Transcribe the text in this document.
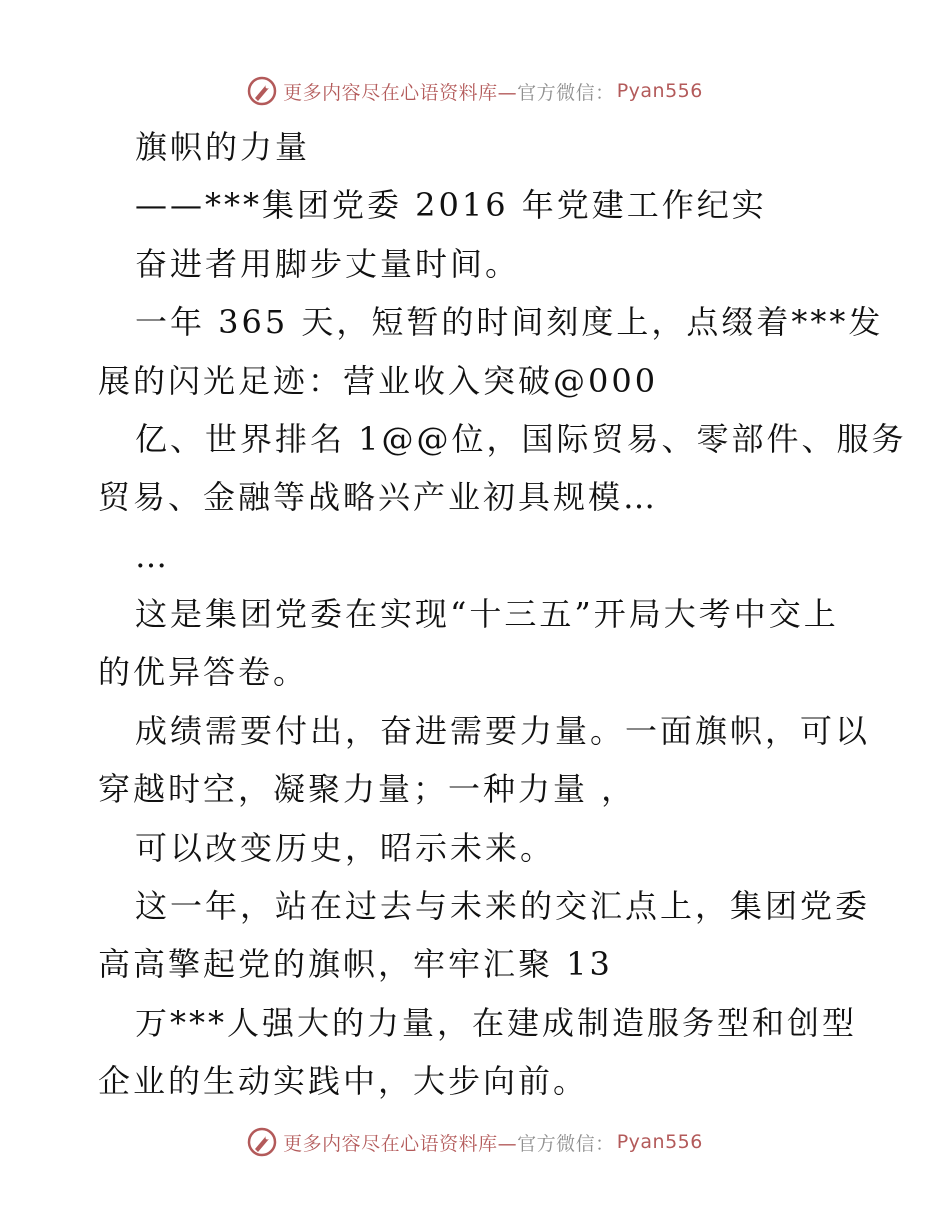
更多内容尽在心语资料库— 官方微信： Pyan556
旗帜的力量
——***集团党委 2016 年党建工作纪实
奋进者用脚步丈量时间。
一年 365 天，短暂的时间刻度上，点缀着***发
展的闪光足迹：营业收入突破@000
亿、世界排名 1@@位，国际贸易、零部件、服务
贸易、金融等战略兴产业初具规模…
…
这是集团党委在实现“十三五”开局大考中交上
的优异答卷。
成绩需要付出，奋进需要力量。一面旗帜，可以
穿越时空，凝聚力量；一种力量 ，
可以改变历史，昭示未来。
这一年，站在过去与未来的交汇点上，集团党委
高高擎起党的旗帜，牢牢汇聚 13
万***人强大的力量，在建成制造服务型和创型
企业的生动实践中，大步向前。
更多内容尽在心语资料库— 官方微信： Pyan556
